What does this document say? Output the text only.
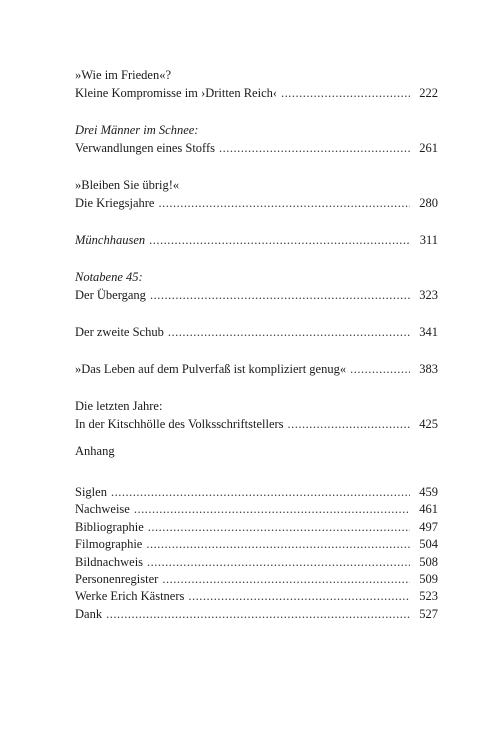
»Wie im Frieden«?
Kleine Kompromisse im ›Dritten Reich‹ .....	222
Drei Männer im Schnee:
Verwandlungen eines Stoffs .....	261
»Bleiben Sie übrig!«
Die Kriegsjahre .....	280
Münchhausen .....	311
Notabene 45:
Der Übergang .....	323
Der zweite Schub .....	341
»Das Leben auf dem Pulverfaß ist kompliziert genug« .....	383
Die letzten Jahre:
In der Kitschhölle des Volksschriftstellers .....	425
Anhang
Siglen .....	459
Nachweise .....	461
Bibliographie .....	497
Filmographie .....	504
Bildnachweis .....	508
Personenregister .....	509
Werke Erich Kästners .....	523
Dank .....	527
